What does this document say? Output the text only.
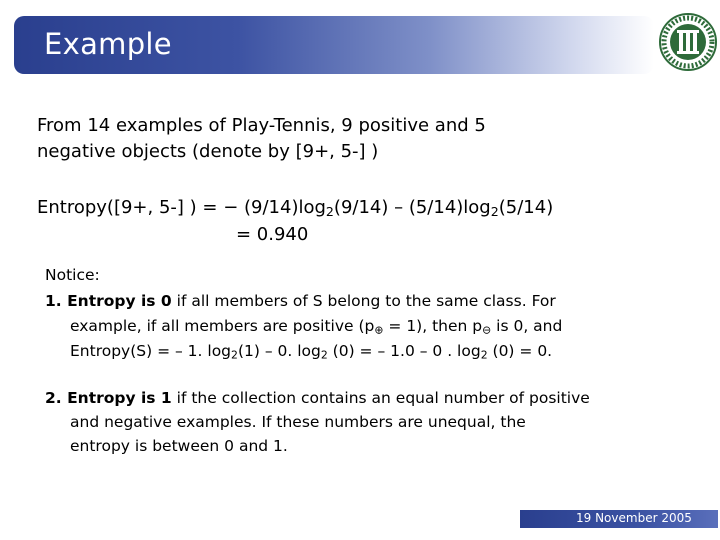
Example
From 14 examples of Play-Tennis, 9 positive and 5
negative objects (denote by [9+, 5-] )
Entropy([9+, 5-] ) = − $(9/14)\log_2(9/14) - (5/14)\log_2(5/14)$
= 0.940
Notice:
1. Entropy is 0 if all members of S belong to the same class. For
example, if all members are positive $(p_\oplus = 1)$, then $p_⊖$ is 0, and
Entropy(S) = – 1. $\log_2(1) - 0$. $\log_2 (0)$ = – 1.0 – 0 . $\log_2 (0) = 0$.
2. Entropy is 1 if the collection contains an equal number of positive
and negative examples. If these numbers are unequal, the
entropy is between 0 and 1.
19 November 2005
